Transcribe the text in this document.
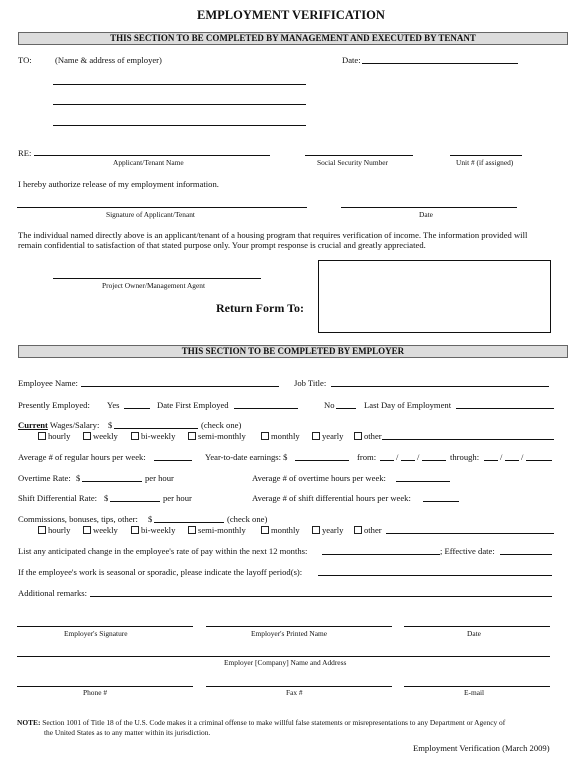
EMPLOYMENT VERIFICATION
THIS SECTION TO BE COMPLETED BY MANAGEMENT AND EXECUTED BY TENANT
TO:	(Name & address of employer)	Date:
RE:
Applicant/Tenant Name	Social Security Number	Unit # (if assigned)
I hereby authorize release of my employment information.
Signature of Applicant/Tenant	Date
The individual named directly above is an applicant/tenant of a housing program that requires verification of income. The information provided will
remain confidential to satisfaction of that stated purpose only. Your prompt response is crucial and greatly appreciated.
Project Owner/Management Agent
Return Form To:
THIS SECTION TO BE COMPLETED BY EMPLOYER
Employee Name:	Job Title:
Presently Employed: Yes	Date First Employed	No	Last Day of Employment
Current Wages/Salary: $	(check one)
hourly	weekly	bi-weekly	semi-monthly	monthly	yearly	other
Average # of regular hours per week:	Year-to-date earnings: $	from: / /	through: / /
Overtime Rate: $	per hour	Average # of overtime hours per week:
Shift Differential Rate: $	per hour	Average # of shift differential hours per week:
Commissions, bonuses, tips, other: $	(check one)
hourly	weekly	bi-weekly	semi-monthly	monthly	yearly	other
List any anticipated change in the employee's rate of pay within the next 12 months:	; Effective date:
If the employee's work is seasonal or sporadic, please indicate the layoff period(s):
Additional remarks:
Employer's Signature	Employer's Printed Name	Date
Employer [Company] Name and Address
Phone #	Fax #	E-mail
NOTE: Section 1001 of Title 18 of the U.S. Code makes it a criminal offense to make willful false statements or misrepresentations to any Department or Agency of
the United States as to any matter within its jurisdiction.
Employment Verification (March 2009)
